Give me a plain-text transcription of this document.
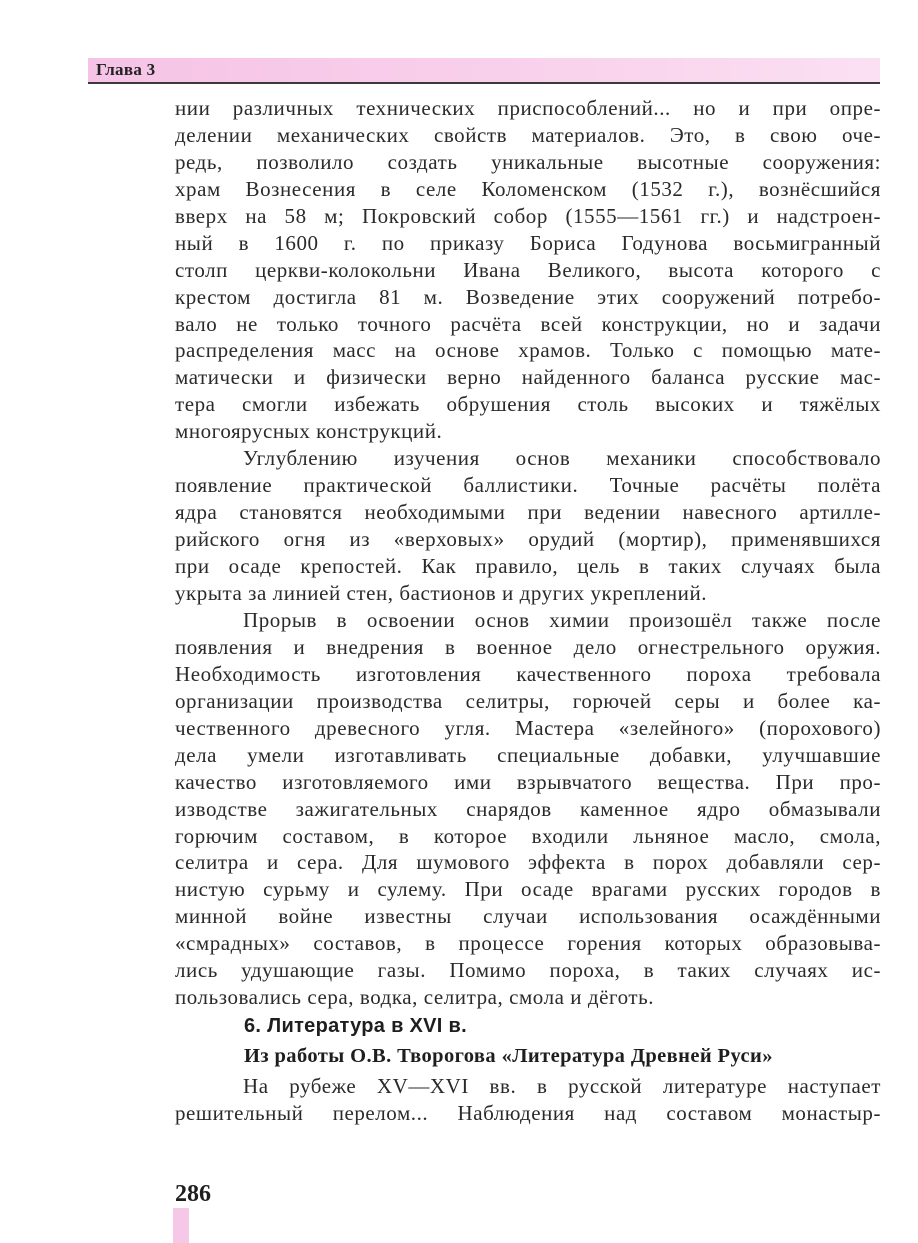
Глава 3
нии различных технических приспособлений... но и при опре-
делении механических свойств материалов. Это, в свою оче-
редь, позволило создать уникальные высотные сооружения:
храм Вознесения в селе Коломенском (1532 г.), вознёсшийся
вверх на 58 м; Покровский собор (1555—1561 гг.) и надстроен-
ный в 1600 г. по приказу Бориса Годунова восьмигранный
столп церкви-колокольни Ивана Великого, высота которого с
крестом достигла 81 м. Возведение этих сооружений потребо-
вало не только точного расчёта всей конструкции, но и задачи
распределения масс на основе храмов. Только с помощью мате-
матически и физически верно найденного баланса русские мас-
тера смогли избежать обрушения столь высоких и тяжёлых
многоярусных конструкций.
Углублению изучения основ механики способствовало
появление практической баллистики. Точные расчёты полёта
ядра становятся необходимыми при ведении навесного артилле-
рийского огня из «верховых» орудий (мортир), применявшихся
при осаде крепостей. Как правило, цель в таких случаях была
укрыта за линией стен, бастионов и других укреплений.
Прорыв в освоении основ химии произошёл также после
появления и внедрения в военное дело огнестрельного оружия.
Необходимость изготовления качественного пороха требовала
организации производства селитры, горючей серы и более ка-
чественного древесного угля. Мастера «зелейного» (порохового)
дела умели изготавливать специальные добавки, улучшавшие
качество изготовляемого ими взрывчатого вещества. При про-
изводстве зажигательных снарядов каменное ядро обмазывали
горючим составом, в которое входили льняное масло, смола,
селитра и сера. Для шумового эффекта в порох добавляли сер-
нистую сурьму и сулему. При осаде врагами русских городов в
минной войне известны случаи использования осаждёнными
«смрадных» составов, в процессе горения которых образовыва-
лись удушающие газы. Помимо пороха, в таких случаях ис-
пользовались сера, водка, селитра, смола и дёготь.
6. Литература в XVI в.
Из работы О.В. Творогова «Литература Древней Руси»
На рубеже XV—XVI вв. в русской литературе наступает
решительный перелом... Наблюдения над составом монастыр-
286
